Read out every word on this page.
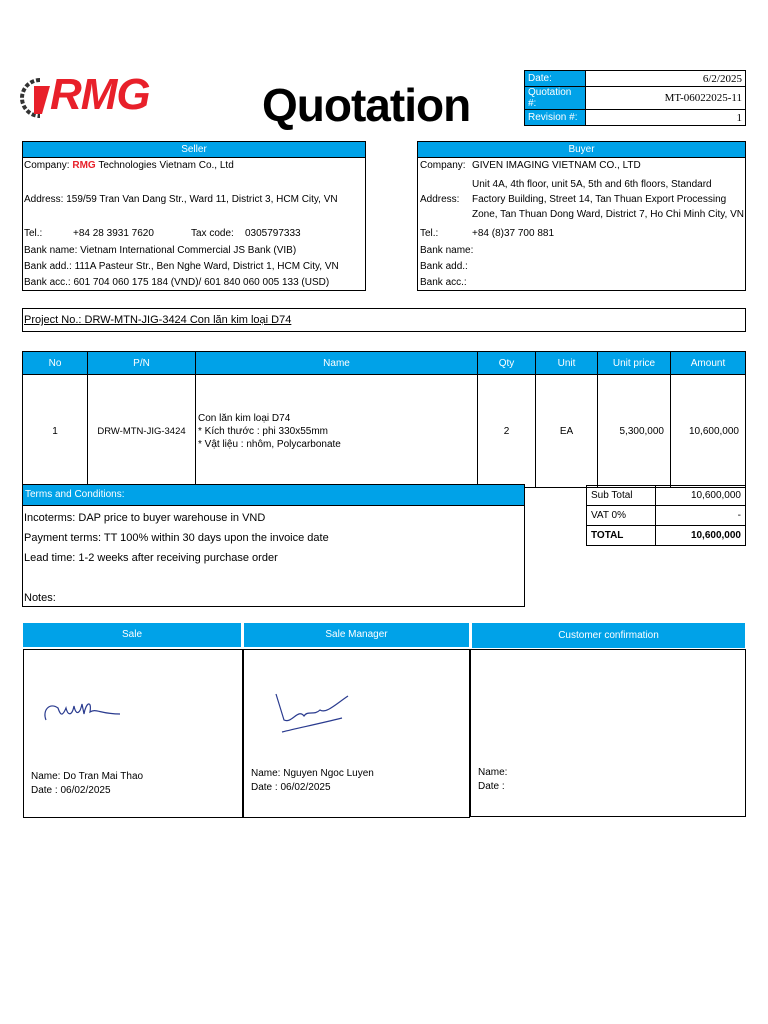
RMG Quotation
Date:	6/2/2025
Quotation #:	MT-06022025-11
Revision #:	1
Seller
Company: RMG Technologies Vietnam Co., Ltd
Address: 159/59 Tran Van Dang Str., Ward 11, District 3, HCM City, VN
Tel.:	+84 28 3931 7620	Tax code: 0305797333
Bank name: Vietnam International Commercial JS Bank (VIB)
Bank add.: 111A Pasteur Str., Ben Nghe Ward, District 1, HCM City, VN
Bank acc.: 601 704 060 175 184 (VND)/ 601 840 060 005 133 (USD)
Buyer
Company: GIVEN IMAGING VIETNAM CO., LTD
Unit 4A, 4th floor, unit 5A, 5th and 6th floors, Standard
Address: Factory Building, Street 14, Tan Thuan Export Processing
Zone, Tan Thuan Dong Ward, District 7, Ho Chi Minh City, VN
Tel.:	+84 (8)37 700 881
Bank name:
Bank add.:
Bank acc.:
Project No.: DRW-MTN-JIG-3424 Con lăn kim loại D74
No	P/N	Name	Qty	Unit	Unit price	Amount
1	DRW-MTN-JIG-3424	Con lăn kim loại D74
* Kích thước : phi 330x55mm
* Vật liệu : nhôm, Polycarbonate	2	EA	5,300,000	10,600,000
Sub Total	10,600,000
VAT 0%	-
TOTAL	10,600,000
Terms and Conditions:
Incoterms: DAP price to buyer warehouse in VND
Payment terms: TT 100% within 30 days upon the invoice date
Lead time: 1-2 weeks after receiving purchase order
Notes:
Sale	Sale Manager	Customer confirmation
Name: Do Tran Mai Thao
Date : 06/02/2025
Name: Nguyen Ngoc Luyen
Date : 06/02/2025
Name:
Date :
